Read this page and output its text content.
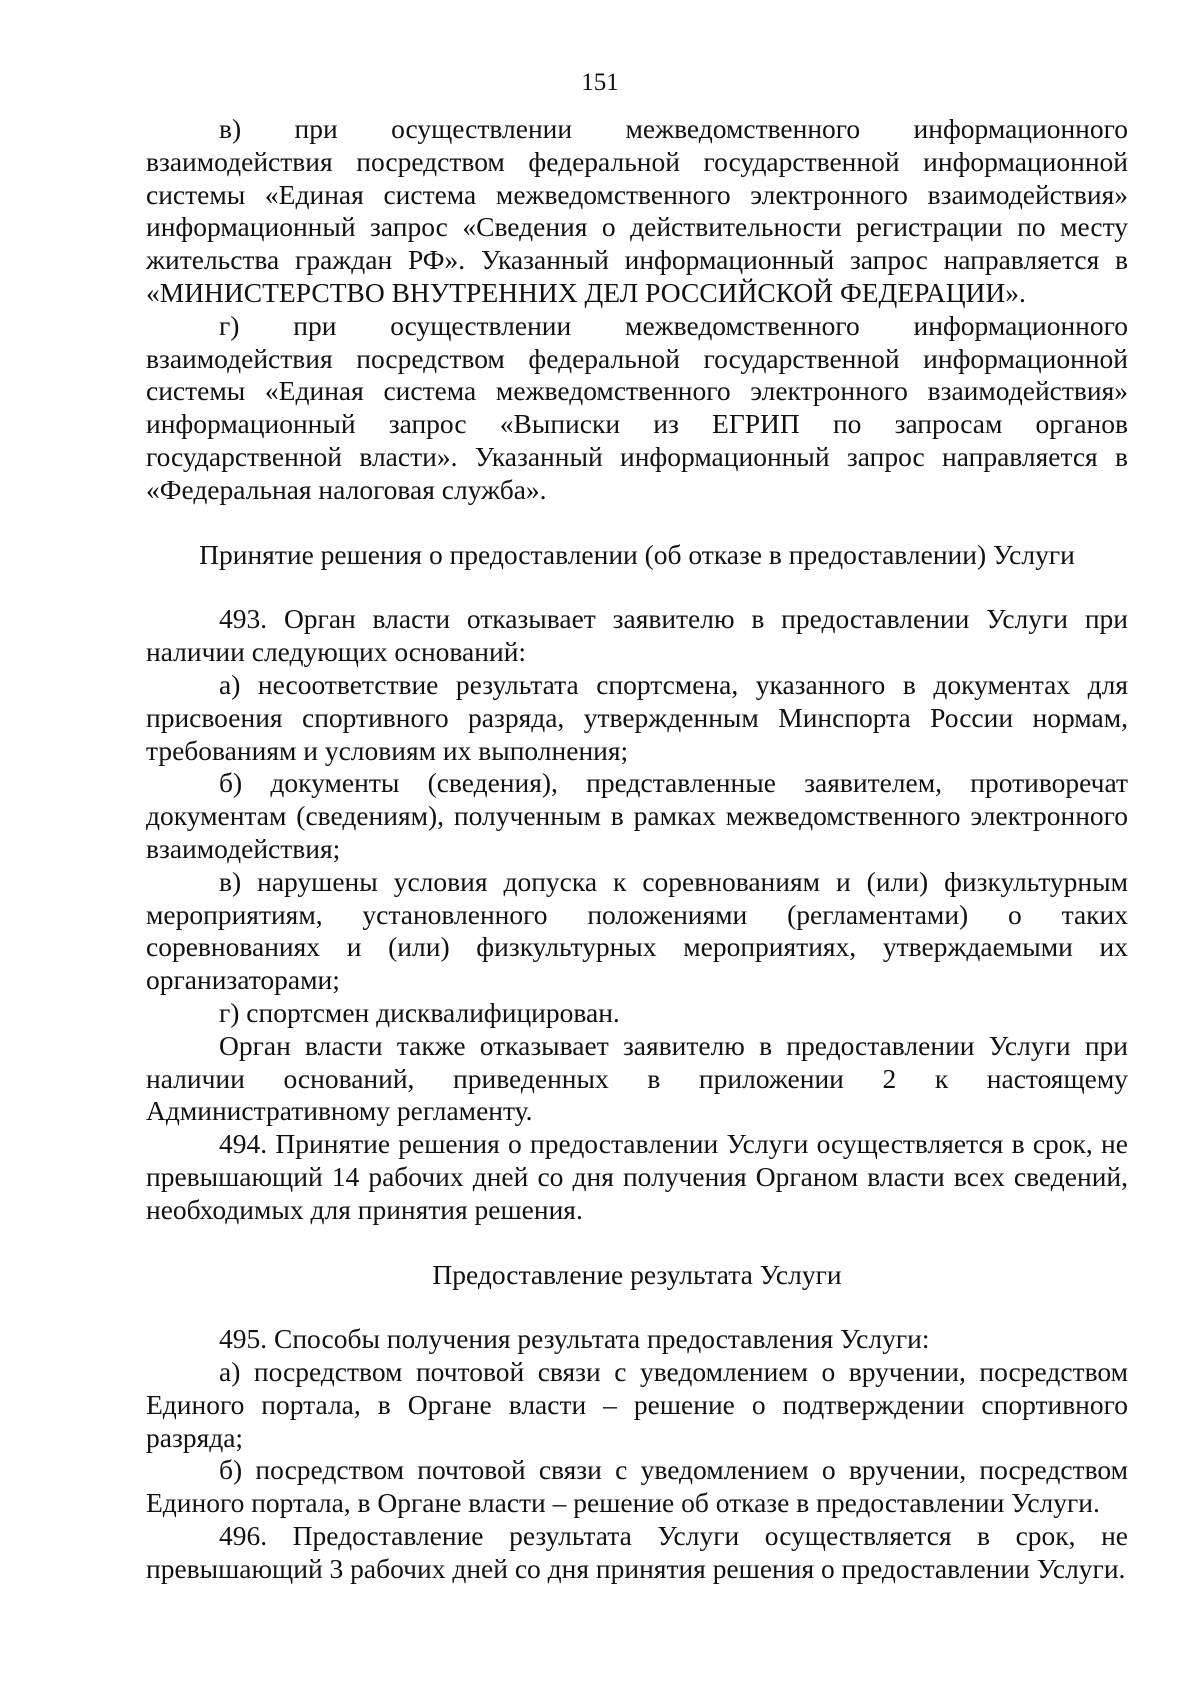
151

в) при осуществлении межведомственного информационного взаимодействия посредством федеральной государственной информационной системы «Единая система межведомственного электронного взаимодействия» информационный запрос «Сведения о действительности регистрации по месту жительства граждан РФ». Указанный информационный запрос направляется в «МИНИСТЕРСТВО ВНУТРЕННИХ ДЕЛ РОССИЙСКОЙ ФЕДЕРАЦИИ».

г) при осуществлении межведомственного информационного взаимодействия посредством федеральной государственной информационной системы «Единая система межведомственного электронного взаимодействия» информационный запрос «Выписки из ЕГРИП по запросам органов государственной власти». Указанный информационный запрос направляется в «Федеральная налоговая служба».

Принятие решения о предоставлении (об отказе в предоставлении) Услуги

493. Орган власти отказывает заявителю в предоставлении Услуги при наличии следующих оснований:

а) несоответствие результата спортсмена, указанного в документах для присвоения спортивного разряда, утвержденным Минспорта России нормам, требованиям и условиям их выполнения;

б) документы (сведения), представленные заявителем, противоречат документам (сведениям), полученным в рамках межведомственного электронного взаимодействия;

в) нарушены условия допуска к соревнованиям и (или) физкультурным мероприятиям, установленного положениями (регламентами) о таких соревнованиях и (или) физкультурных мероприятиях, утверждаемыми их организаторами;

г) спортсмен дисквалифицирован.

Орган власти также отказывает заявителю в предоставлении Услуги при наличии оснований, приведенных в приложении 2 к настоящему Административному регламенту.

494. Принятие решения о предоставлении Услуги осуществляется в срок, не превышающий 14 рабочих дней со дня получения Органом власти всех сведений, необходимых для принятия решения.

Предоставление результата Услуги

495. Способы получения результата предоставления Услуги:

а) посредством почтовой связи с уведомлением о вручении, посредством Единого портала, в Органе власти – решение о подтверждении спортивного разряда;

б) посредством почтовой связи с уведомлением о вручении, посредством Единого портала, в Органе власти – решение об отказе в предоставлении Услуги.

496. Предоставление результата Услуги осуществляется в срок, не превышающий 3 рабочих дней со дня принятия решения о предоставлении Услуги.
